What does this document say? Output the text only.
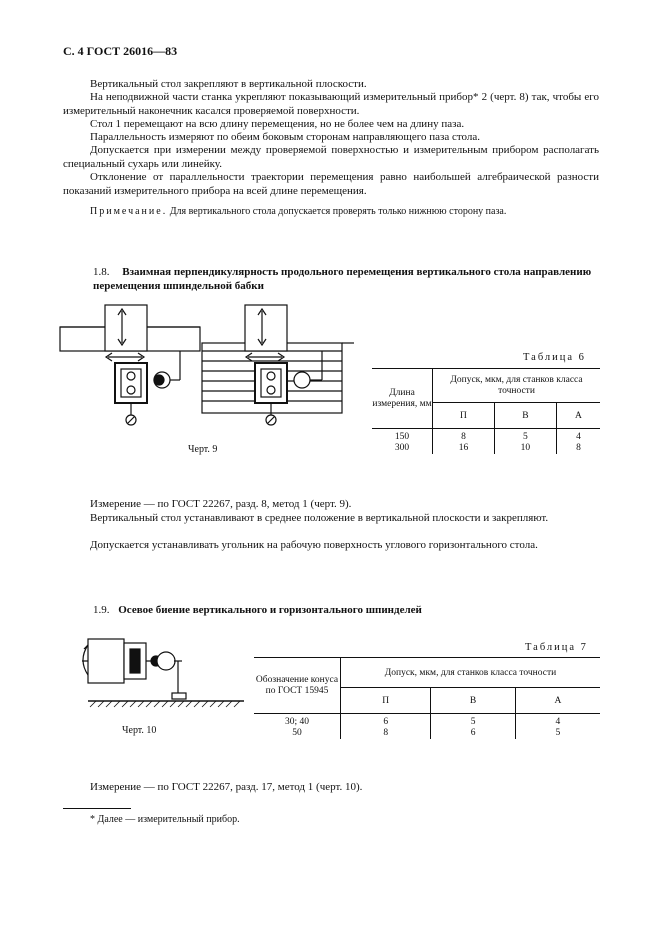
С. 4 ГОСТ 26016—83
Вертикальный стол закрепляют в вертикальной плоскости.
На неподвижной части станка укрепляют показывающий измерительный прибор* 2 (черт. 8) так, чтобы его измерительный наконечник касался проверяемой поверхности.
Стол 1 перемещают на всю длину перемещения, но не более чем на длину паза.
Параллельность измеряют по обеим боковым сторонам направляющего паза стола.
Допускается при измерении между проверяемой поверхностью и измерительным прибором располагать специальный сухарь или линейку.
Отклонение от параллельности траектории перемещения равно наибольшей алгебраической разности показаний измерительного прибора на всей длине перемещения.
Примечание. Для вертикального стола допускается проверять только нижнюю сторону паза.
1.8. Взаимная перпендикулярность продольного перемещения вертикального стола направлению перемещения шпиндельной бабки
Черт. 9
Таблица 6
Длина измерения, мм	Допуск, мкм, для станков класса точности		
	П	В	А
150	8	5	4
300	16	10	8
Измерение — по ГОСТ 22267, разд. 8, метод 1 (черт. 9).
Вертикальный стол устанавливают в среднее положение в вертикальной плоскости и закрепляют.
Допускается устанавливать угольник на рабочую поверхность углового горизонтального стола.
1.9. Осевое биение вертикального и горизонтального шпинделей
Черт. 10
Таблица 7
Обозначение конуса по ГОСТ 15945	Допуск, мкм, для станков класса точности		
	П	В	А
30; 40	6	5	4
50	8	6	5
Измерение — по ГОСТ 22267, разд. 17, метод 1 (черт. 10).
* Далее — измерительный прибор.
